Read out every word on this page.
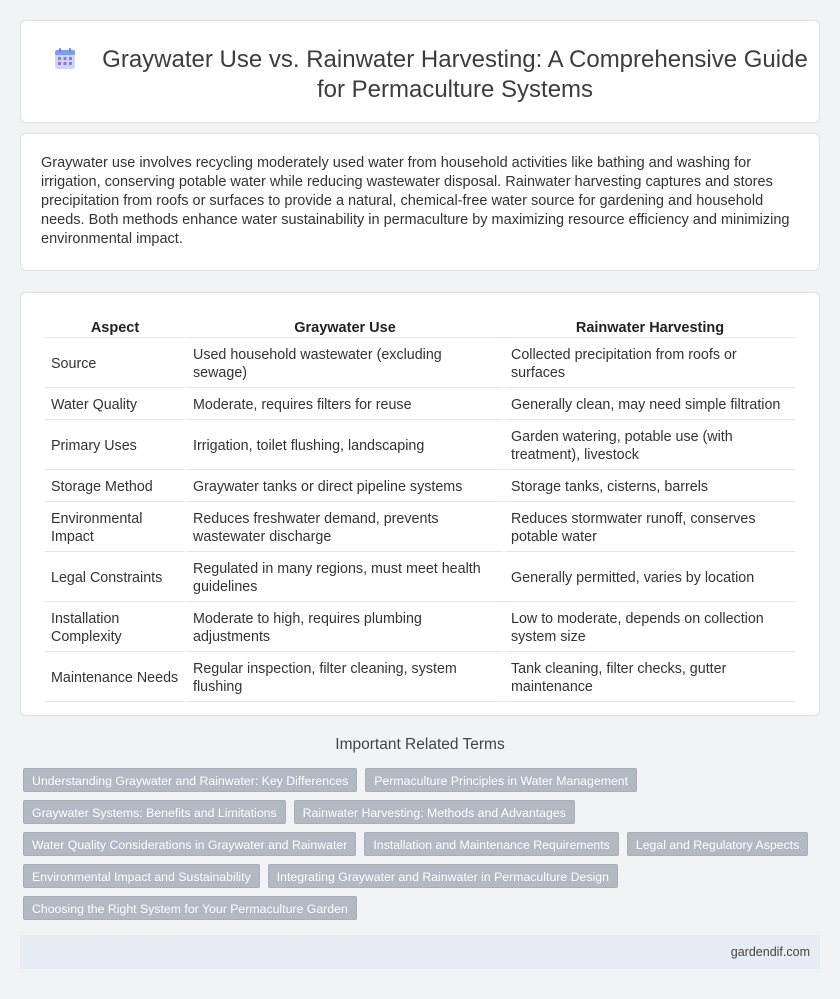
Graywater Use vs. Rainwater Harvesting: A Comprehensive Guide for Permaculture Systems

Graywater use involves recycling moderately used water from household activities like bathing and washing for irrigation, conserving potable water while reducing wastewater disposal. Rainwater harvesting captures and stores precipitation from roofs or surfaces to provide a natural, chemical-free water source for gardening and household needs. Both methods enhance water sustainability in permaculture by maximizing resource efficiency and minimizing environmental impact.

Aspect	Graywater Use	Rainwater Harvesting
Source	Used household wastewater (excluding sewage)	Collected precipitation from roofs or surfaces
Water Quality	Moderate, requires filters for reuse	Generally clean, may need simple filtration
Primary Uses	Irrigation, toilet flushing, landscaping	Garden watering, potable use (with treatment), livestock
Storage Method	Graywater tanks or direct pipeline systems	Storage tanks, cisterns, barrels
Environmental Impact	Reduces freshwater demand, prevents wastewater discharge	Reduces stormwater runoff, conserves potable water
Legal Constraints	Regulated in many regions, must meet health guidelines	Generally permitted, varies by location
Installation Complexity	Moderate to high, requires plumbing adjustments	Low to moderate, depends on collection system size
Maintenance Needs	Regular inspection, filter cleaning, system flushing	Tank cleaning, filter checks, gutter maintenance
Important Related Terms
Understanding Graywater and Rainwater: Key Differences	Permaculture Principles in Water Management
Graywater Systems: Benefits and Limitations	Rainwater Harvesting: Methods and Advantages
Water Quality Considerations in Graywater and Rainwater	Installation and Maintenance Requirements	Legal and Regulatory Aspects
Environmental Impact and Sustainability	Integrating Graywater and Rainwater in Permaculture Design
Choosing the Right System for Your Permaculture Garden
gardendif.com
